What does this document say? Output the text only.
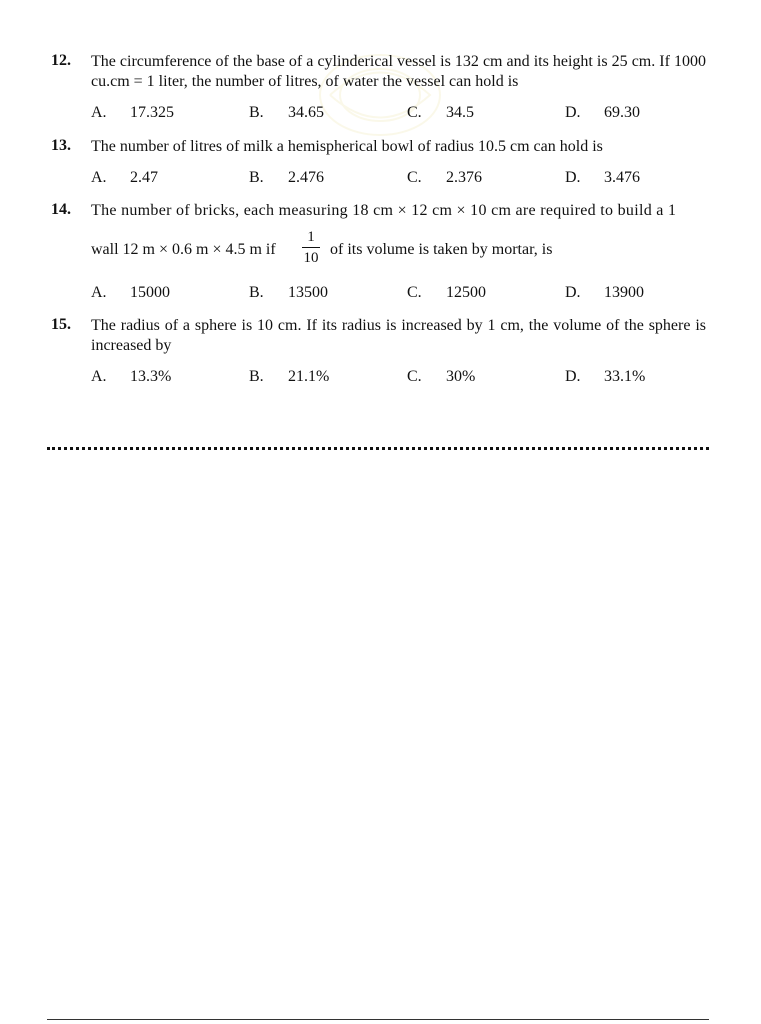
12. The circumference of the base of a cylinderical vessel is 132 cm and its height is 25 cm. If 1000 cu.cm = 1 liter, the number of litres, of water the vessel can hold is
A. 17.325	B. 34.65	C. 34.5	D. 69.30
13. The number of litres of milk a hemispherical bowl of radius 10.5 cm can hold is
A. 2.47	B. 2.476	C. 2.376	D. 3.476
14. The number of bricks, each measuring 18 cm × 12 cm × 10 cm are required to build a 1
wall 12 m × 0.6 m × 4.5 m if
1
10 of its volume is taken by mortar, is
A. 15000	B. 13500	C. 12500	D. 13900
15. The radius of a sphere is 10 cm. If its radius is increased by 1 cm, the volume of the sphere is increased by
A. 13.3%	B. 21.1%	C. 30%	D. 33.1%
